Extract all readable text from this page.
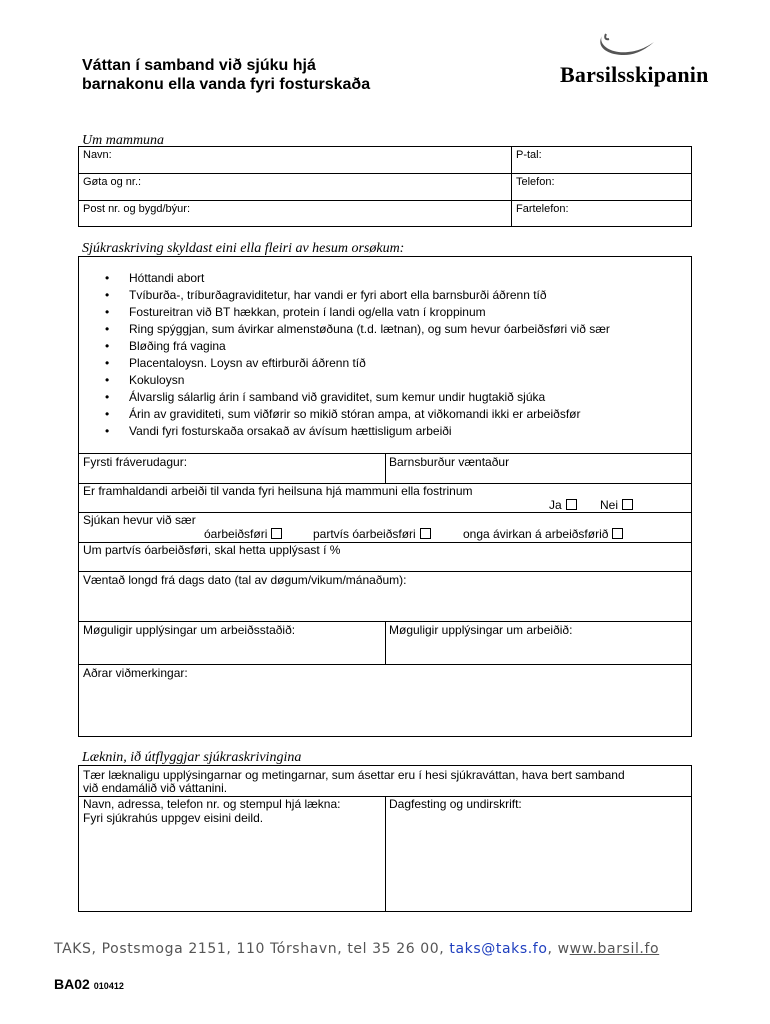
Váttan í samband við sjúku hjá
barnakonu ella vanda fyri fosturskaða	Barsilsskipanin
Um mammuna
Navn:	P-tal:
Gøta og nr.:	Telefon:
Post nr. og bygd/býur:	Fartelefon:
Sjúkraskriving skyldast eini ella fleiri av hesum orsøkum:
• Hóttandi abort
• Tvíburða-, tríburðagraviditetur, har vandi er fyri abort ella barnsburði áðrenn tíð
• Fostureitran við BT hækkan, protein í landi og/ella vatn í kroppinum
• Ring spýggjan, sum ávirkar almenstøðuna (t.d. lætnan), og sum hevur óarbeiðsføri við sær
• Bløðing frá vagina
• Placentaloysn. Loysn av eftirburði áðrenn tíð
• Kokuloysn
• Álvarslig sálarlig árin í samband við graviditet, sum kemur undir hugtakið sjúka
• Árin av graviditeti, sum viðførir so mikið stóran ampa, at viðkomandi ikki er arbeiðsfør
• Vandi fyri fosturskaða orsakað av ávísum hættisligum arbeiði
Fyrsti fráverudagur:	Barnsburður væntaður
Er framhaldandi arbeiði til vanda fyri heilsuna hjá mammuni ella fostrinum
Ja	Nei
Sjúkan hevur við sær
óarbeiðsføri	partvís óarbeiðsføri	onga ávirkan á arbeiðsførið
Um partvís óarbeiðsføri, skal hetta upplýsast í %
Væntað longd frá dags dato (tal av døgum/vikum/mánaðum):
Møguligir upplýsingar um arbeiðsstaðið:	Møguligir upplýsingar um arbeiðið:
Aðrar viðmerkingar:
Læknin, ið útflyggjar sjúkraskrivingina
Tær læknaligu upplýsingarnar og metingarnar, sum ásettar eru í hesi sjúkraváttan, hava bert samband
við endamálið við váttanini.
Navn, adressa, telefon nr. og stempul hjá lækna:
Fyri sjúkrahús uppgev eisini deild.
Dagfesting og undirskrift:
TAKS, Postsmoga 2151, 110 Tórshavn, tel 35 26 00, taks@taks.fo, www.barsil.fo
BA02 010412
